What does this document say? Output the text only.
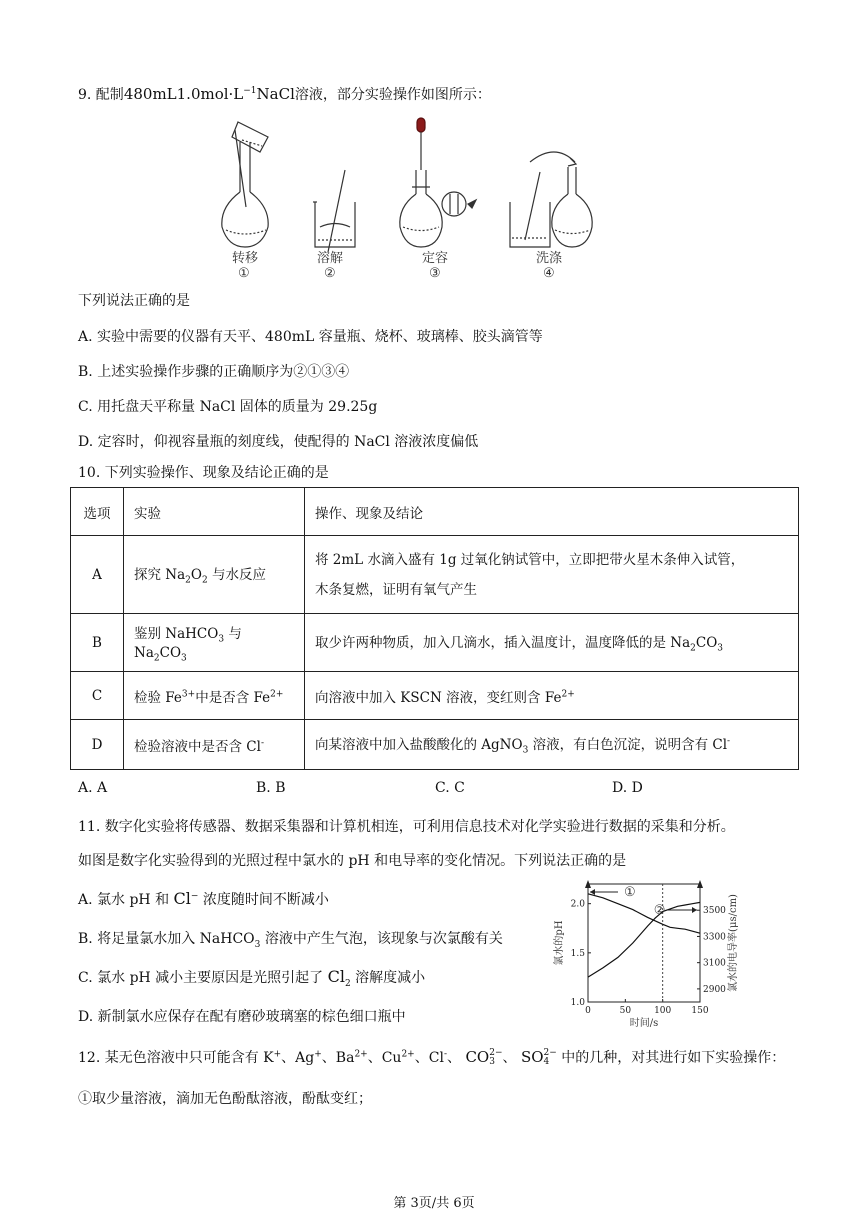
9. 配制$480mL1.0mol\cdot L^{-1}NaCl$溶液，部分实验操作如图所示：
转移
①
溶解
②
定容
③
洗涤
④
下列说法正确的是
A. 实验中需要的仪器有天平、480mL 容量瓶、烧杯、玻璃棒、胶头滴管等
B. 上述实验操作步骤的正确顺序为②①③④
C. 用托盘天平称量 NaCl 固体的质量为 29.25g
D. 定容时，仰视容量瓶的刻度线，使配得的 NaCl 溶液浓度偏低
10. 下列实验操作、现象及结论正确的是
选项	实验	操作、现象及结论
A	探究 $Na_2O_2$ 与水反应	将 2mL 水滴入盛有 1g 过氧化钠试管中，立即把带火星木条伸入试管，
木条复燃，证明有氧气产生

B	鉴别 NaHCO$_3$ 与 $Na_2CO_3$	取少许两种物质，加入几滴水，插入温度计，温度降低的是 $Na_2CO_3$
C	检验 $Fe^{3+}$中是否含 $Fe^{2+}$	向溶液中加入 KSCN 溶液，变红则含 $Fe^{2+}$
D	检验溶液中是否含 Cl-	向某溶液中加入盐酸酸化的 AgNO$_3$ 溶液，有白色沉淀，说明含有 Cl-
A. A	B. B	C. C	D. D
11. 数字化实验将传感器、数据采集器和计算机相连，可利用信息技术对化学实验进行数据的采集和分析。
如图是数字化实验得到的光照过程中氯水的 pH 和电导率的变化情况。下列说法正确的是
A. 氯水 pH 和 Cl− 浓度随时间不断减小
B. 将足量氯水加入 NaHCO$_3$ 溶液中产生气泡，该现象与次氯酸有关
C. 氯水 pH 减小主要原因是光照引起了 $Cl_2$ 溶解度减小
D. 新制氯水应保存在配有磨砂玻璃塞的棕色细口瓶中	0	50	100 150
1.0
1.5
2.0
2900
3100
3300
3500
①
②
时间/s
氯水的pH	氯水的电导率(μs/cm)
12. 某无色溶液中只可能含有 K+、Ag+、$Ba^{2+}$、$Cu^{2+}$、Cl-、 CO 2−
3 、 SO 2−
4 中的几种，对其进行如下实验操作：
①取少量溶液，滴加无色酚酞溶液，酚酞变红；
第 3页/共 6页
